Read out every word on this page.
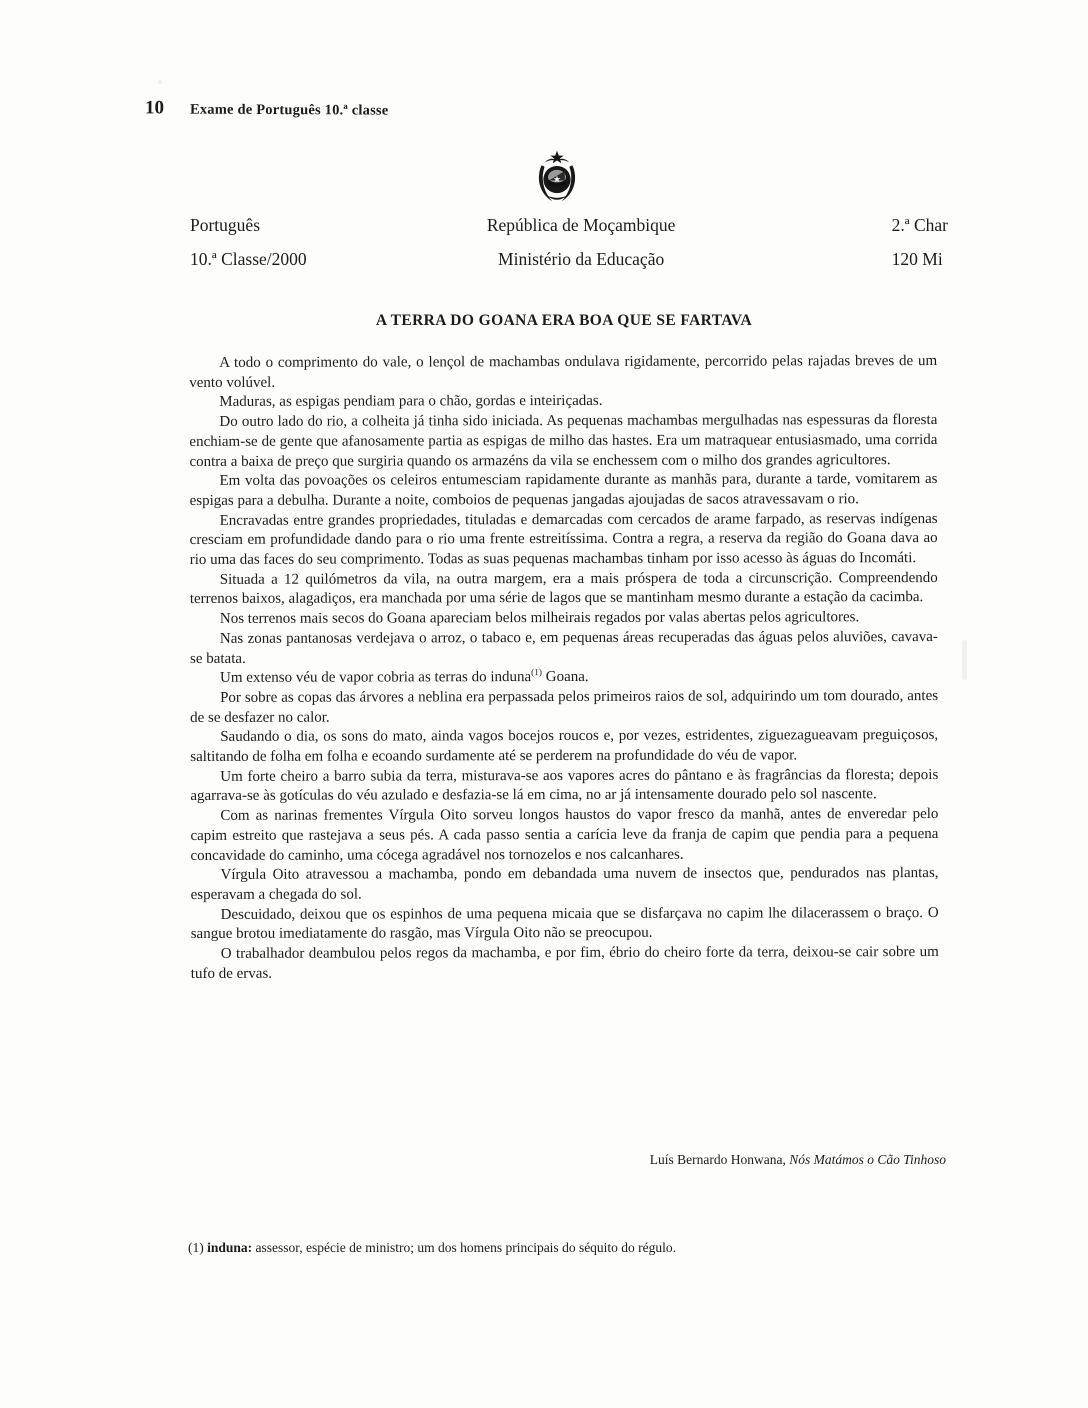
10 Exame de Português 10.ª classe
Português
10.ª Classe/2000
República de Moçambique
Ministério da Educação
2.ª Char
120 Mi
A TERRA DO GOANA ERA BOA QUE SE FARTAVA

A todo o comprimento do vale, o lençol de machambas ondulava rigidamente, percorrido pelas rajadas breves de um vento volúvel.

Maduras, as espigas pendiam para o chão, gordas e inteiriçadas.

Do outro lado do rio, a colheita já tinha sido iniciada. As pequenas machambas mergulhadas nas espessuras da floresta enchiam-se de gente que afanosamente partia as espigas de milho das hastes. Era um matraquear entusiasmado, uma corrida contra a baixa de preço que surgiria quando os armazéns da vila se enchessem com o milho dos grandes agricultores.

Em volta das povoações os celeiros entumesciam rapidamente durante as manhãs para, durante a tarde, vomitarem as espigas para a debulha. Durante a noite, comboios de pequenas jangadas ajoujadas de sacos atravessavam o rio.

Encravadas entre grandes propriedades, tituladas e demarcadas com cercados de arame farpado, as reservas indígenas cresciam em profundidade dando para o rio uma frente estreitíssima. Contra a regra, a reserva da região do Goana dava ao rio uma das faces do seu comprimento. Todas as suas pequenas machambas tinham por isso acesso às águas do Incomáti.

Situada a 12 quilómetros da vila, na outra margem, era a mais próspera de toda a circunscrição. Compreendendo terrenos baixos, alagadiços, era manchada por uma série de lagos que se mantinham mesmo durante a estação da cacimba.

Nos terrenos mais secos do Goana apareciam belos milheirais regados por valas abertas pelos agricultores.

Nas zonas pantanosas verdejava o arroz, o tabaco e, em pequenas áreas recuperadas das águas pelos aluviões, cavava-se batata.

Um extenso véu de vapor cobria as terras do induna$^{(1)}$ Goana.

Por sobre as copas das árvores a neblina era perpassada pelos primeiros raios de sol, adquirindo um tom dourado, antes de se desfazer no calor.

Saudando o dia, os sons do mato, ainda vagos bocejos roucos e, por vezes, estridentes, ziguezagueavam preguiçosos, saltitando de folha em folha e ecoando surdamente até se perderem na profundidade do véu de vapor.

Um forte cheiro a barro subia da terra, misturava-se aos vapores acres do pântano e às fragrâncias da floresta; depois agarrava-se às gotículas do véu azulado e desfazia-se lá em cima, no ar já intensamente dourado pelo sol nascente.

Com as narinas frementes Vírgula Oito sorveu longos haustos do vapor fresco da manhã, antes de enveredar pelo capim estreito que rastejava a seus pés. A cada passo sentia a carícia leve da franja de capim que pendia para a pequena concavidade do caminho, uma cócega agradável nos tornozelos e nos calcanhares.

Vírgula Oito atravessou a machamba, pondo em debandada uma nuvem de insectos que, pendurados nas plantas, esperavam a chegada do sol.

Descuidado, deixou que os espinhos de uma pequena micaia que se disfarçava no capim lhe dilacerassem o braço. O sangue brotou imediatamente do rasgão, mas Vírgula Oito não se preocupou.

O trabalhador deambulou pelos regos da machamba, e por fim, ébrio do cheiro forte da terra, deixou-se cair sobre um tufo de ervas.

Luís Bernardo Honwana, Nós Matámos o Cão Tinhoso
(1) induna: assessor, espécie de ministro; um dos homens principais do séquito do régulo.
